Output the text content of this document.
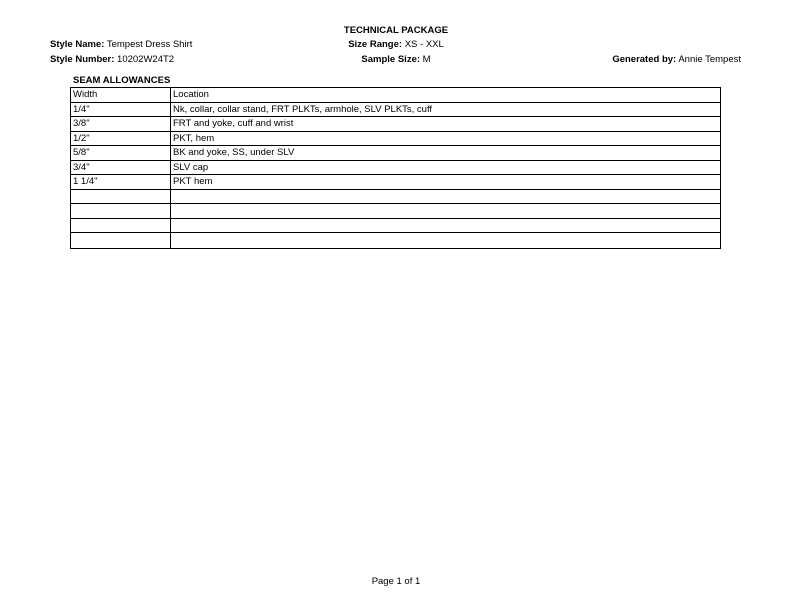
TECHNICAL PACKAGE
Style Name: Tempest Dress Shirt
Style Number: 10202W24T2
Size Range: XS - XXL
Sample Size: M	Generated by: Annie Tempest
SEAM ALLOWANCES
Width	Location
1/4"	Nk, collar, collar stand, FRT PLKTs, armhole, SLV PLKTs, cuff
3/8"	FRT and yoke, cuff and wrist
1/2"	PKT, hem
5/8"	BK and yoke, SS, under SLV
3/4"	SLV cap
1 1/4"	PKT hem
Page 1 of 1
